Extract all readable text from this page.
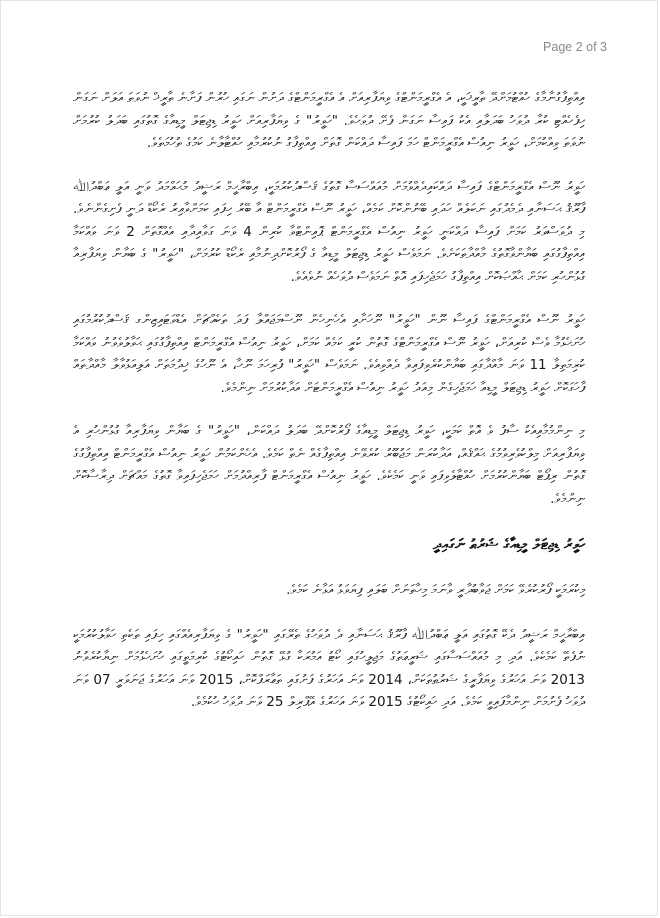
Page 2 of 3

އިއްތިފާގުނާމާގެ ހުއްޓުމަށްދޭ ތާރީޚަކީ، އެ އެގްރީމަންޓްގެ ވިޔަފާރިއަށް އެ އެގްރީމަންޓްގެ ދަށުން ނަގައި ހުރުން ފަށާނެ ތާރީޚް ނުވަތަ އަލަށް ނަގަން ހިފެހެއްޓި ކުރާ ދުވަހު ބަދަލާއި އެކު ފައިސާ ނަގަން ފެށޭ ދުވަހެވެ. "ހަވީރު" ގެ ވިޔަފާރިއަށް ހަވީރު ޑިޖިޓަލް މީޑިއާގެ ގޮތުގައި ބަދަލު ކުރުމަށް ނުވަތަ ވިއްކުމަށް، ހަވީރު ނިއުސް އެގްރީމަންޓް ހަމަ ފައިސާ ދައްކަން ގޮތަށް އިއްތިފާގު ނުކުރުމާއި ހުއްޓާލާނެ ކަމުގެ ތުހުމަތެވެ.

ހަވީރު ނޫސް އެގްރީމަންޓްގެ ފައިސާ ދައްކައިދެއްވުމަށް މުއައްސަސާ ގޮތުގެ ޤަސްދުކުރުމަކީ، އިބްރާހީމް ރަޝީދު މުޙައްމަދު ވަނީ އަލީ ޢަބްދުﷲ ފާރޫޤު ޙަސަނާއި ދެމެދުގައި ނަކަލެއް ހަދައި ބޭނުންކޮށް ކަމެއް، ހަވީރު ނޫސް އެގްރީމަންޓް އާ ބޭރު ހިފައި ކަމަށްވާއިރު ރެކޯޑް ދަނީ ފެށިގެންނެވެ. މި ދުވަސްވަރު ކަމަށް ފައިސާ ދައްކަނީ ހަވީރު ނިއުސް އެގްރީމަންޓް ޕޮއިންޓްވާ ކުރިން 4 ވަނަ ގަވާއިދާއި އެއްގޮތަށް 2 ވަނަ ވައްކަމާ އިއްތިފާގުގައި ބަޔާންވާގޮތުގެ މާއްދާތަކަށެވެ. ނަމަވެސް ހަވީރު ޑިޖިޓަލް މީޑިއާ ގެ ފޯރުކޮށްދިނުމާއި ރެކޯޑް ކުރުމަށް، "ހަވީރު" ގެ ބަޔާން ވިޔަފާރިއާ ގުޅުންހުރި ކަމަށް ޙާއްޞަކޮށް އިއްތިފާގު ހަމަޖެހިފައި އޮތް ނަމަވެސް ދުވަހެއް ނުވެއެވެ.

ހަވީރު ނޫސް އެގްރީމަންޓްގެ ފައިސާ ނޫން "ހަވީރު" ނޫހަށާއި އެހެނިހެން ނޫސްމަޖައްލާ ފަދަ ތަކެއްޗަށް އެޑްވަޓައިޒިންގ ޤަސްދުކުރުމުގައި ހުށަހެޅުމާ ވެސް ކުރިއަށް، ހަވީރު ނޫސް އެގްރީމަންޓްގެ ގޮތުން ކުރީ ކަމެއް ކަމަށް، ހަވީރު ނިއުސް އެގްރީމަންޓް އިއްތިފާގުގައި ޙަވާލުވެވުނު ވައްކަމާ ކުރިމަތިލާ 11 ވަނަ މާއްދާގައި ބަޔާންކުރެވިފައިވާ ދެއްވިއެވެ. ނަމަވެސް "ހަވީރު" ފުރިހަމަ ނޫހާ، އެ ނޫހުގެ ޚިދުމަތަށް އަލިއަޅުވާލާ މާއްދާތައް ފާހަގަކޮށް ހަވީރު ޑިޖިޓަލް މީޑިއާ ހަމަޖެހިގެން މިއަދު ހަވީރު ނިއުސް އެގްރީމަންޓަށް އަދާކުރުމަށް ނިންމެވެ.

މި ނިންމުމާއިއެކު ސާފު ވެ އޮތް ކަމަކީ، ހަވީރު ޑިޖިޓަލް މީޑިއާގެ ފޯރުކޮށްދޭ ބަދަލު ދައްކަން، "ހަވީރު" ގެ ބަޔާން ވިޔަފާރިއާ ގުޅުންހުރި އެ ވިޔަފާރިއަށް މިލްކުވެރިވުމުގެ ޙައްޤެއް، އަދާކުރަން މަޖުބޫރު ކުރެވޭނެ އިއްތިފާގެއް ނެތް ކަމެވެ. އެހެންކަމުން ހަވީރު ނިއުސް އެގްރީމަންޓް އިއްތިފާގުގެ ގޮތުން ރިޕޯޓް ބަޔާންކުރުމަށް ހުއްޓާލެވިފައި ވަނީ ކަމެކެވެ. ހަވީރު ނިއުސް އެގްރީމަންޓް ފާރިއްދުމަށް ހަމަޖެހިފައިވާ ގޮތުގެ މައްޗަށް ދިރާސާކޮށް ނިންމެވެ.

ހަވީރު ޑިޖިޓަލް މީޑިއާގެ ޝަރުޠު ނަގައިދީ

މިކުރަމަކީ ފޯރުކުރެވޭ ކަމަށް ޖަވާބުދާރީ ވާނަމަ މިހާތަނަށް ބަލައި ފިޔަވަޅު އަޅާނެ ކަމެވެ.

އިބްރާހީމް ރަޝީދު ދެކޭ ގޮތުގައި އަލީ ޢަބްދުﷲ ފާރޫޤު ޙަސަނާއި ދެ ދުވަހުގެ ތެރޭގައި "ހަވީރު" ގެ ވިޔަފާރިއެއްގައި ހިފައި ތަކެތި ހަވާލުކުރުމަކީ ނުފެތޭ ކަމެކެވެ. އަދި މި މުއައްސަސާގައި ޝަރީޢަތުގެ މަޖިލީހުގައި ކޯޓު އަމުރަކާ ގުޅޭ ގޮތުން ހައިކޯޓުގެ ކުރިމަތީގައި ހުށަހެޅުމަށް ނިޔާކުރެވުނު 2013 ވަނަ އަހަރުގެ ވިޔަފާރީގެ ޝަރުޠުތަކަށް، 2014 ވަނަ އަހަރުގެ ފަށުގައި ތަޢާރަފްކޮށް، 2015 ވަނަ އަހަރުގެ ޖަނަވަރީ 07 ވަނަ ދުވަހު ފެށުމަށް ނިންމާފައިވީ ކަމެވެ. އަދި ހައިކޯޓުގެ 2015 ވަނަ އަހަރުގެ އޭޕްރިލް 25 ވަނަ ދުވަހު ހުކުމެވެ.
